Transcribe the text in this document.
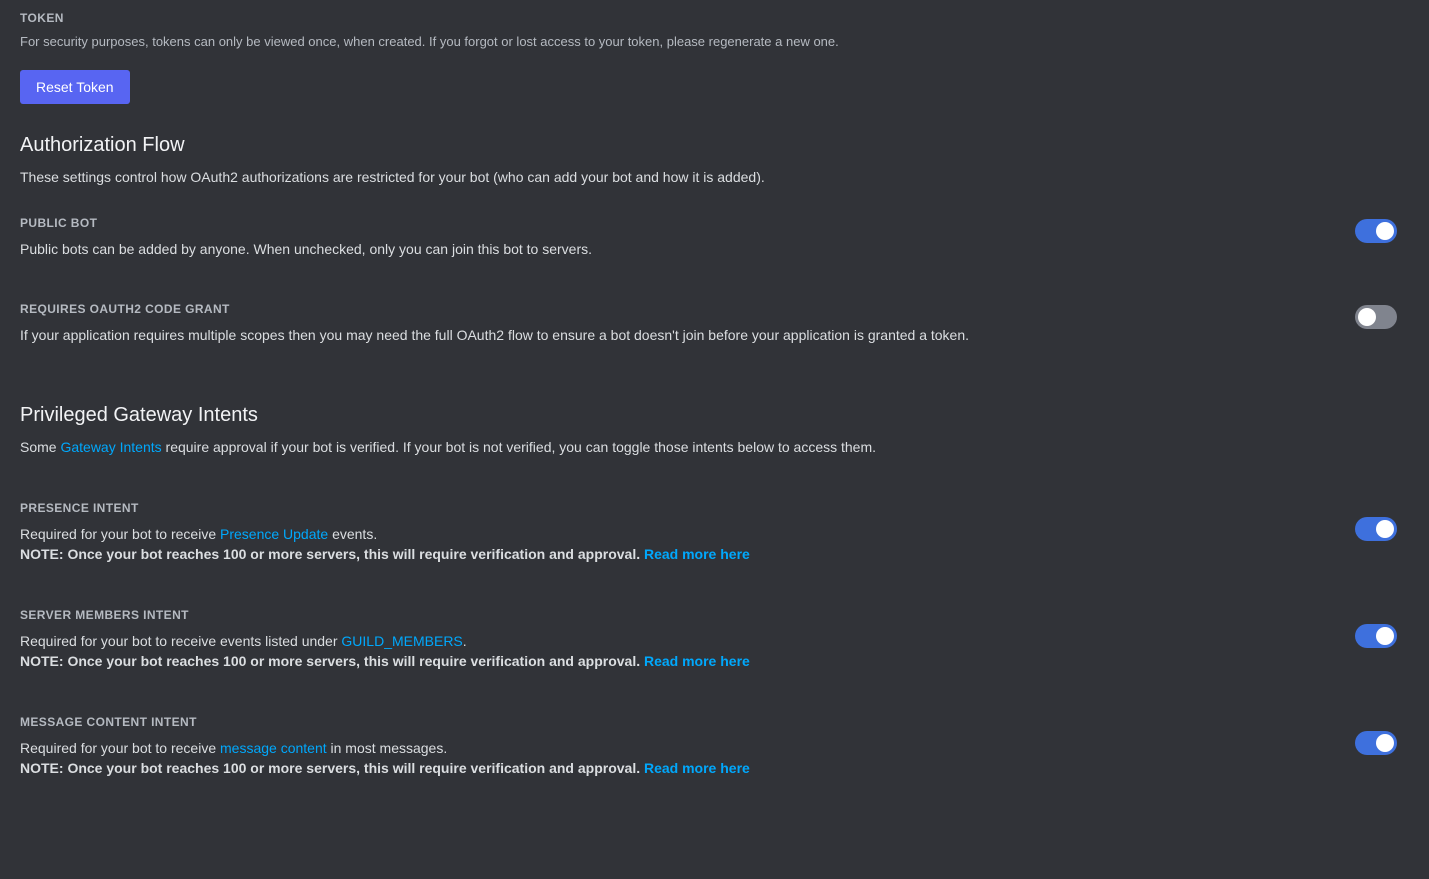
TOKEN

For security purposes, tokens can only be viewed once, when created. If you forgot or lost access to your token, please regenerate a new one.

Reset Token
Authorization Flow

These settings control how OAuth2 authorizations are restricted for your bot (who can add your bot and how it is added).

PUBLIC BOT

Public bots can be added by anyone. When unchecked, only you can join this bot to servers.

REQUIRES OAUTH2 CODE GRANT

If your application requires multiple scopes then you may need the full OAuth2 flow to ensure a bot doesn't join before your application is granted a token.

Privileged Gateway Intents

Some Gateway Intents require approval if your bot is verified. If your bot is not verified, you can toggle those intents below to access them.

PRESENCE INTENT

Required for your bot to receive Presence Update events.

NOTE: Once your bot reaches 100 or more servers, this will require verification and approval. Read more here

SERVER MEMBERS INTENT

Required for your bot to receive events listed under GUILD_MEMBERS.

NOTE: Once your bot reaches 100 or more servers, this will require verification and approval. Read more here

MESSAGE CONTENT INTENT

Required for your bot to receive message content in most messages.

NOTE: Once your bot reaches 100 or more servers, this will require verification and approval. Read more here
